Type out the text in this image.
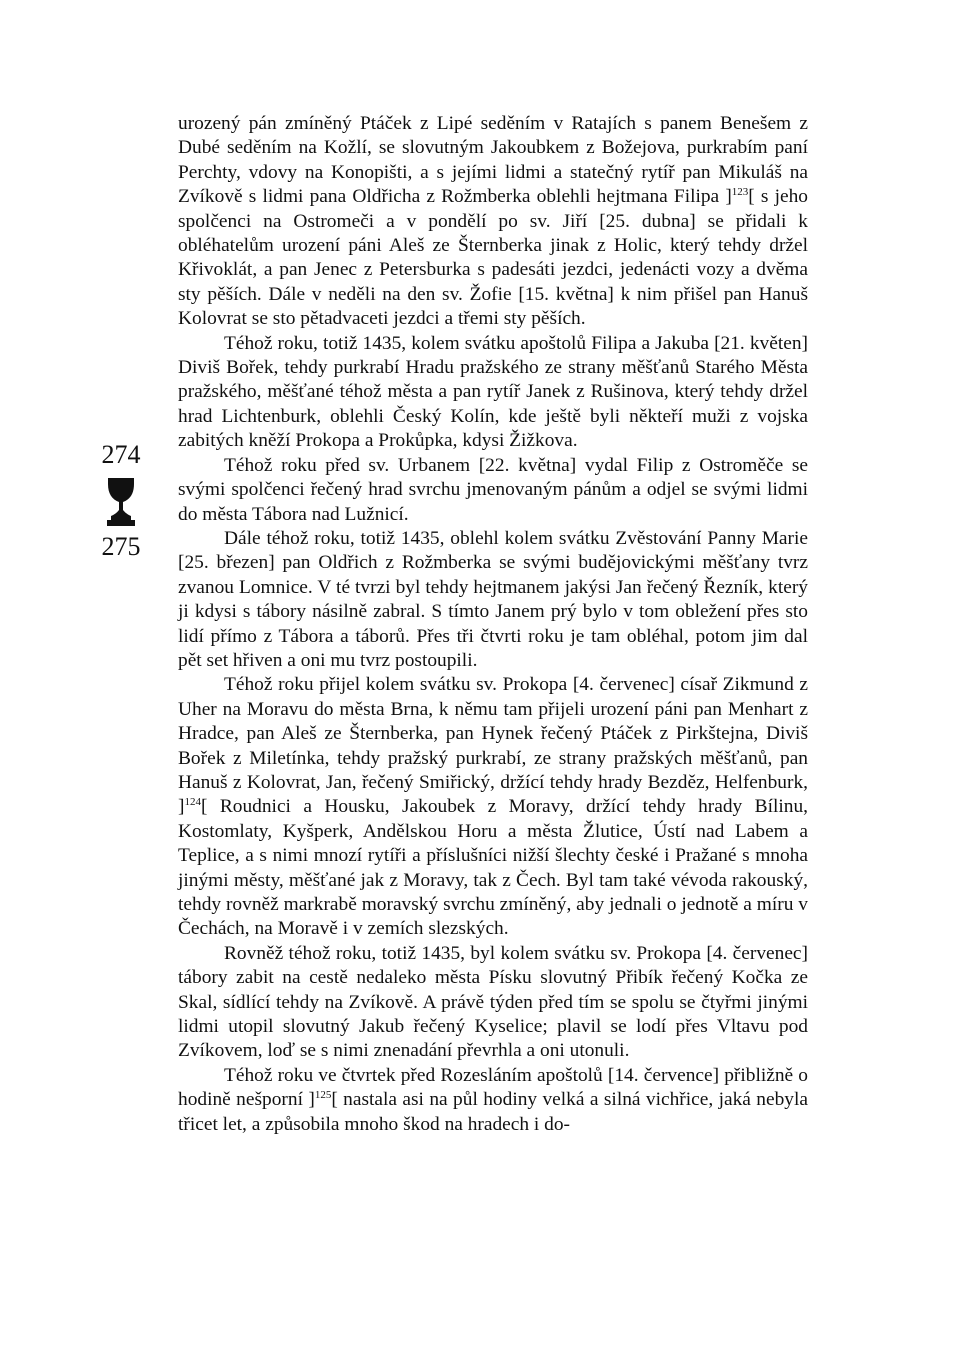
274
275

urozený pán zmíněný Ptáček z Lipé seděním v Ratajích s panem Benešem z Dubé seděním na Kožlí, se slovutným Jakoubkem z Božejova, purkrabím paní Perchty, vdovy na Konopišti, a s jejími lidmi a statečný rytíř pan Mikuláš na Zvíkově s lidmi pana Oldřicha z Rožmberka oblehli hejtmana Filipa ]$^{123}$[ s jeho spolčenci na Ostromeči a v pondělí po sv. Jiří [25. dubna] se přidali k obléhatelům urození páni Aleš ze Šternberka jinak z Holic, který tehdy držel Křivoklát, a pan Jenec z Petersburka s padesáti jezdci, jedenácti vozy a dvěma sty pěších. Dále v neděli na den sv. Žofie [15. května] k nim přišel pan Hanuš Kolovrat se sto pětadvaceti jezdci a třemi sty pěších.

Téhož roku, totiž 1435, kolem svátku apoštolů Filipa a Jakuba [21. květen] Diviš Bořek, tehdy purkrabí Hradu pražského ze strany měšťanů Starého Města pražského, měšťané téhož města a pan rytíř Janek z Rušinova, který tehdy držel hrad Lichtenburk, oblehli Český Kolín, kde ještě byli někteří muži z vojska zabitých kněží Prokopa a Prokůpka, kdysi Žižkova.

Téhož roku před sv. Urbanem [22. května] vydal Filip z Ostroměče se svými spolčenci řečený hrad svrchu jmenovaným pánům a odjel se svými lidmi do města Tábora nad Lužnicí.

Dále téhož roku, totiž 1435, oblehl kolem svátku Zvěstování Panny Marie [25. březen] pan Oldřich z Rožmberka se svými budějovickými měšťany tvrz zvanou Lomnice. V té tvrzi byl tehdy hejtmanem jakýsi Jan řečený Řezník, který ji kdysi s tábory násilně zabral. S tímto Janem prý bylo v tom obležení přes sto lidí přímo z Tábora a táborů. Přes tři čtvrti roku je tam obléhal, potom jim dal pět set hřiven a oni mu tvrz postoupili.

Téhož roku přijel kolem svátku sv. Prokopa [4. červenec] císař Zikmund z Uher na Moravu do města Brna, k němu tam přijeli urození páni pan Menhart z Hradce, pan Aleš ze Šternberka, pan Hynek řečený Ptáček z Pirkštejna, Diviš Bořek z Miletínka, tehdy pražský purkrabí, ze strany pražských měšťanů, pan Hanuš z Kolovrat, Jan, řečený Smiřický, držící tehdy hrady Bezděz, Helfenburk, ]$^{124}$[ Roudnici a Housku, Jakoubek z Moravy, držící tehdy hrady Bílinu, Kostomlaty, Kyšperk, Andělskou Horu a města Žlutice, Ústí nad Labem a Teplice, a s nimi mnozí rytíři a příslušníci nižší šlechty české i Pražané s mnoha jinými městy, měšťané jak z Moravy, tak z Čech. Byl tam také vévoda rakouský, tehdy rovněž markrabě moravský svrchu zmíněný, aby jednali o jednotě a míru v Čechách, na Moravě i v zemích slezských.

Rovněž téhož roku, totiž 1435, byl kolem svátku sv. Prokopa [4. červenec] tábory zabit na cestě nedaleko města Písku slovutný Přibík řečený Kočka ze Skal, sídlící tehdy na Zvíkově. A právě týden před tím se spolu se čtyřmi jinými lidmi utopil slovutný Jakub řečený Kyselice; plavil se lodí přes Vltavu pod Zvíkovem, loď se s nimi znenadání převrhla a oni utonuli.

Téhož roku ve čtvrtek před Rozesláním apoštolů [14. července] přibližně o hodině nešporní ]$^{125}$[ nastala asi na půl hodiny velká a silná vichřice, jaká nebyla třicet let, a způsobila mnoho škod na hradech i do-
